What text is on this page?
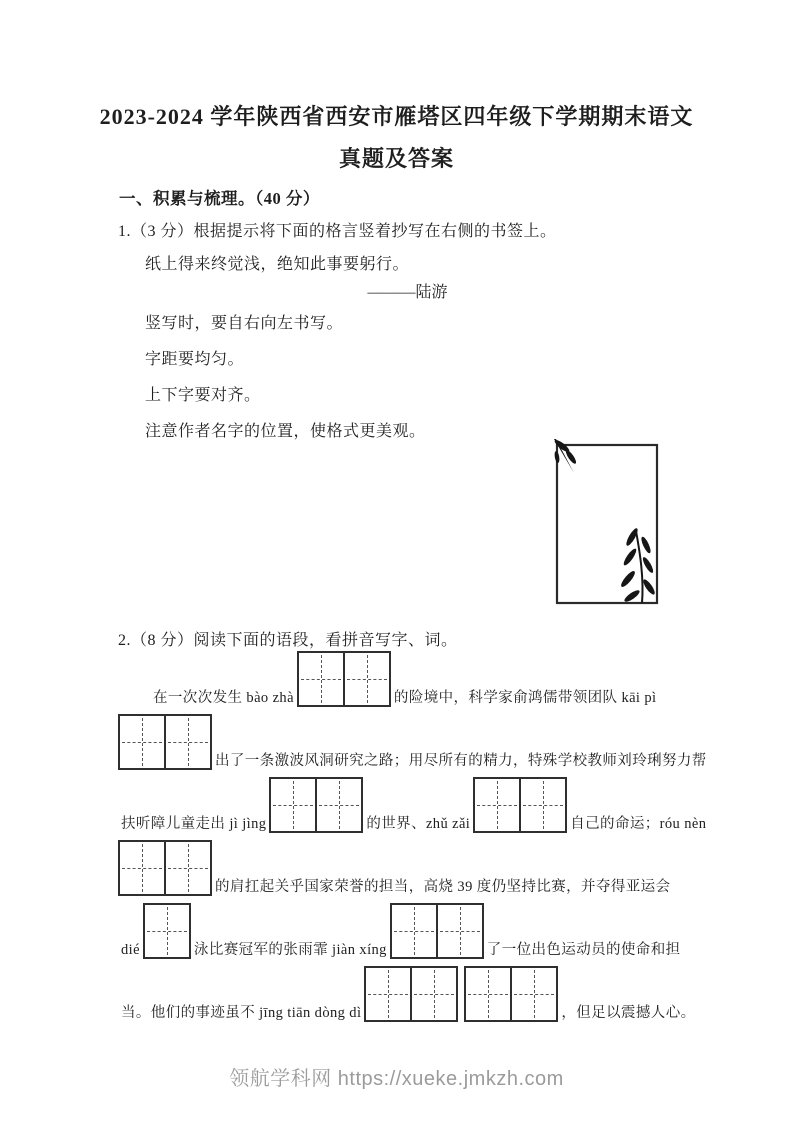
2023-2024 学年陕西省西安市雁塔区四年级下学期期末语文
真题及答案
一、积累与梳理。（40 分）
1.（3 分）根据提示将下面的格言竖着抄写在右侧的书签上。
纸上得来终觉浅，绝知此事要躬行。
———陆游
竖写时，要自右向左书写。
字距要均匀。
上下字要对齐。
注意作者名字的位置，使格式更美观。
2.（8 分）阅读下面的语段，看拼音写字、词。
在一次次发生 bào zhà	的险境中，科学家俞鸿儒带领团队 kāi pì
出了一条激波风洞研究之路；用尽所有的精力，特殊学校教师刘玲琍努力帮
扶听障儿童走出 jì jìng	的世界、zhǔ zǎi	自己的命运；róu nèn
的肩扛起关乎国家荣誉的担当，高烧 39 度仍坚持比赛，并夺得亚运会
dié	泳比赛冠军的张雨霏 jiàn xíng	了一位出色运动员的使命和担
当。他们的事迹虽不 jīng tiān dòng dì	，但足以震撼人心。
领航学科网 https://xueke.jmkzh.com
